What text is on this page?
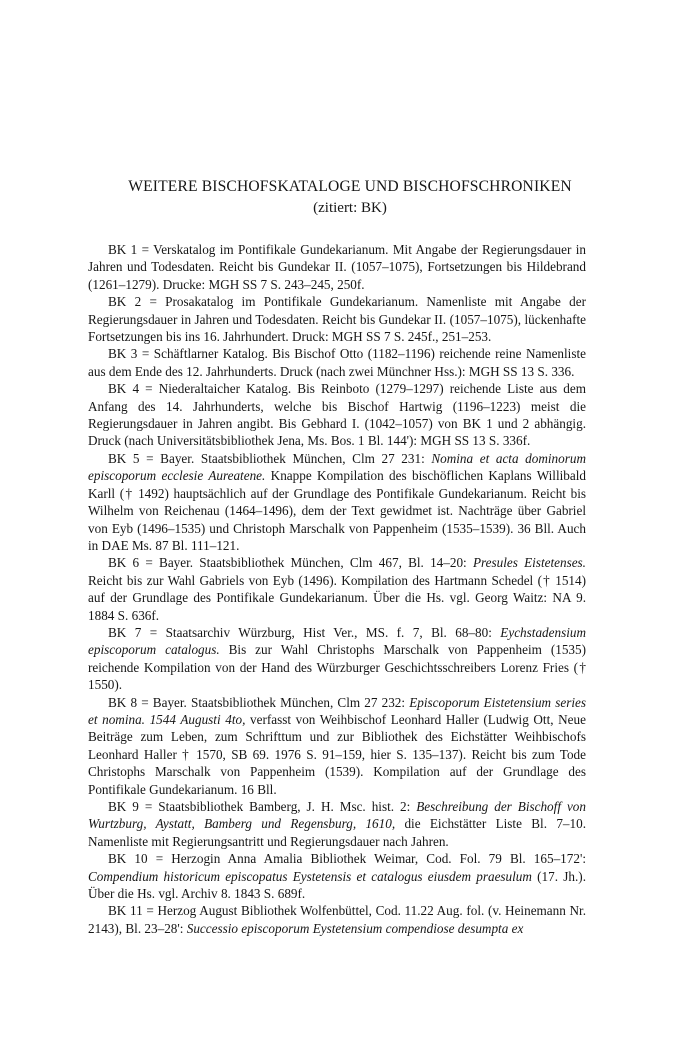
WEITERE BISCHOFSKATALOGE UND BISCHOFSCHRONIKEN
(zitiert: BK)

BK 1 = Verskatalog im Pontifikale Gundekarianum. Mit Angabe der Regierungsdauer in Jahren und Todesdaten. Reicht bis Gundekar II. (1057–1075), Fortsetzungen bis Hildebrand (1261–1279). Drucke: MGH SS 7 S. 243–245, 250f.

BK 2 = Prosakatalog im Pontifikale Gundekarianum. Namenliste mit Angabe der Regierungsdauer in Jahren und Todesdaten. Reicht bis Gundekar II. (1057–1075), lückenhafte Fortsetzungen bis ins 16. Jahrhundert. Druck: MGH SS 7 S. 245f., 251–253.

BK 3 = Schäftlarner Katalog. Bis Bischof Otto (1182–1196) reichende reine Namenliste aus dem Ende des 12. Jahrhunderts. Druck (nach zwei Münchner Hss.): MGH SS 13 S. 336.

BK 4 = Niederaltaicher Katalog. Bis Reinboto (1279–1297) reichende Liste aus dem Anfang des 14. Jahrhunderts, welche bis Bischof Hartwig (1196–1223) meist die Regierungsdauer in Jahren angibt. Bis Gebhard I. (1042–1057) von BK 1 und 2 abhängig. Druck (nach Universitätsbibliothek Jena, Ms. Bos. 1 Bl. 144'): MGH SS 13 S. 336f.

BK 5 = Bayer. Staatsbibliothek München, Clm 27 231: Nomina et acta dominorum episcoporum ecclesie Aureatene. Knappe Kompilation des bischöflichen Kaplans Willibald Karll († 1492) hauptsächlich auf der Grundlage des Pontifikale Gundekarianum. Reicht bis Wilhelm von Reichenau (1464–1496), dem der Text gewidmet ist. Nachträge über Gabriel von Eyb (1496–1535) und Christoph Marschalk von Pappenheim (1535–1539). 36 Bll. Auch in DAE Ms. 87 Bl. 111–121.

BK 6 = Bayer. Staatsbibliothek München, Clm 467, Bl. 14–20: Presules Eistetenses. Reicht bis zur Wahl Gabriels von Eyb (1496). Kompilation des Hartmann Schedel († 1514) auf der Grundlage des Pontifikale Gundekarianum. Über die Hs. vgl. Georg Waitz: NA 9. 1884 S. 636f.

BK 7 = Staatsarchiv Würzburg, Hist Ver., MS. f. 7, Bl. 68–80: Eychstadensium episcoporum catalogus. Bis zur Wahl Christophs Marschalk von Pappenheim (1535) reichende Kompilation von der Hand des Würzburger Geschichtsschreibers Lorenz Fries († 1550).

BK 8 = Bayer. Staatsbibliothek München, Clm 27 232: Episcoporum Eistetensium series et nomina. 1544 Augusti 4to, verfasst von Weihbischof Leonhard Haller (Ludwig Ott, Neue Beiträge zum Leben, zum Schrifttum und zur Bibliothek des Eichstätter Weihbischofs Leonhard Haller † 1570, SB 69. 1976 S. 91–159, hier S. 135–137). Reicht bis zum Tode Christophs Marschalk von Pappenheim (1539). Kompilation auf der Grundlage des Pontifikale Gundekarianum. 16 Bll.

BK 9 = Staatsbibliothek Bamberg, J. H. Msc. hist. 2: Beschreibung der Bischoff von Wurtzburg, Aystatt, Bamberg und Regensburg, 1610, die Eichstätter Liste Bl. 7–10. Namenliste mit Regierungsantritt und Regierungsdauer nach Jahren.

BK 10 = Herzogin Anna Amalia Bibliothek Weimar, Cod. Fol. 79 Bl. 165–172': Compendium historicum episcopatus Eystetensis et catalogus eiusdem praesulum (17. Jh.). Über die Hs. vgl. Archiv 8. 1843 S. 689f.

BK 11 = Herzog August Bibliothek Wolfenbüttel, Cod. 11.22 Aug. fol. (v. Heinemann Nr. 2143), Bl. 23–28': Successio episcoporum Eystetensium compendiose desumpta ex
